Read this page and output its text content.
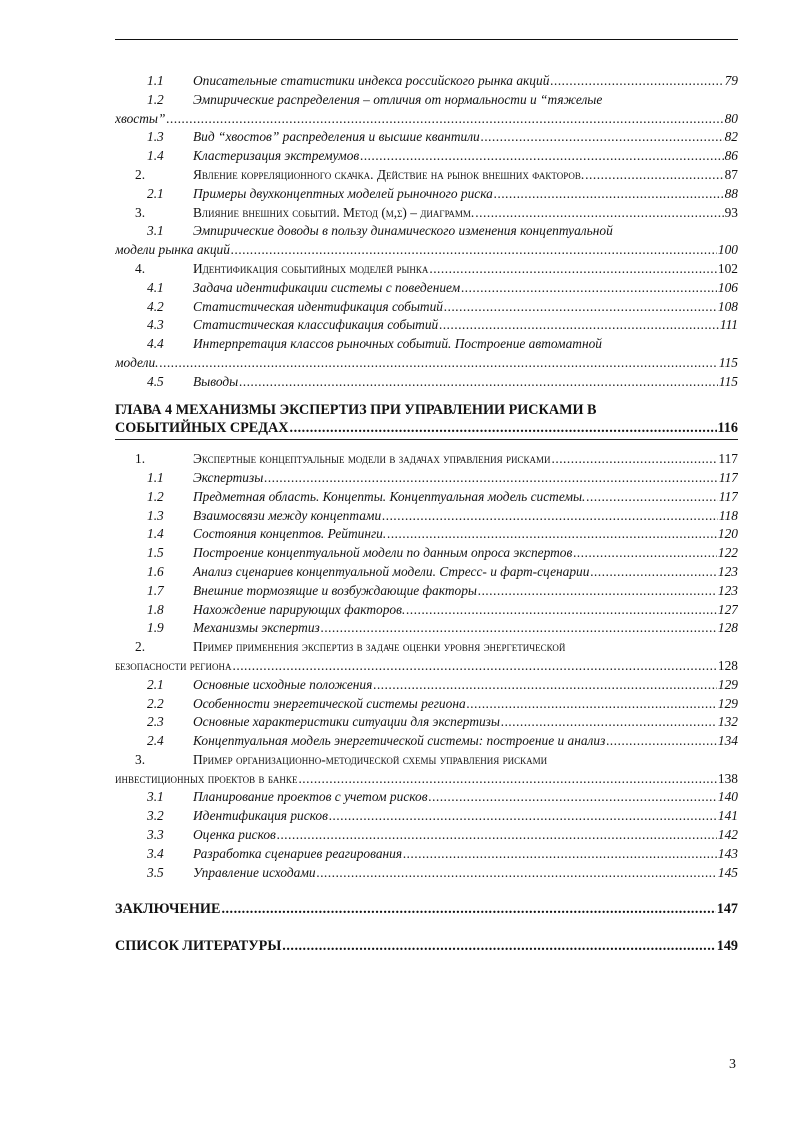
1.1	Описательные статистики индекса российского рынка акций .....	79
1.2	Эмпирические распределения – отличия от нормальности и “тяжелые
хвосты” .....	80
1.3	Вид “хвостов” распределения и высшие квантили .....	82
1.4	Кластеризация экстремумов .....	86
2.	Явление корреляционного скачка. Действие на рынок внешних факторов. .....	87
2.1	Примеры двухконцептных моделей рыночного риска .....	88
3.	Влияние внешних событий. Метод (м,σ) – диаграмм. .....	93
3.1	Эмпирические доводы в пользу динамического изменения концептуальной
модели рынка акций .....	100
4.	Идентификация событийных моделей рынка .....	102
4.1	Задача идентификации системы с поведением .....	106
4.2	Статистическая идентификация событий .....	108
4.3	Статистическая классификация событий .....	111
4.4	Интерпретация классов рыночных событий. Построение автоматной
модели. .....	115
4.5	Выводы .....	115
ГЛАВА 4 МЕХАНИЗМЫ ЭКСПЕРТИЗ ПРИ УПРАВЛЕНИИ РИСКАМИ В
СОБЫТИЙНЫХ СРЕДАХ .....	116
1.	Экспертные концептуальные модели в задачах управления рисками .....	117
1.1	Экспертизы .....	117
1.2	Предметная область. Концепты. Концептуальная модель системы. .....	117
1.3	Взаимосвязи между концептами .....	118
1.4	Состояния концептов. Рейтинги. .....	120
1.5	Построение концептуальной модели по данным опроса экспертов .....	122
1.6	Анализ сценариев концептуальной модели. Стресс- и фарт-сценарии .....	123
1.7	Внешние тормозящие и возбуждающие факторы .....	123
1.8	Нахождение парирующих факторов. .....	127
1.9	Механизмы экспертиз .....	128
2.	Пример применения экспертиз в задаче оценки уровня энергетической
безопасности региона .....	128
2.1	Основные исходные положения .....	129
2.2	Особенности энергетической системы региона .....	129
2.3	Основные характеристики ситуации для экспертизы .....	132
2.4	Концептуальная модель энергетической системы: построение и анализ .....	134
3.	Пример организационно-методической схемы управления рисками
инвестиционных проектов в банке .....	138
3.1	Планирование проектов с учетом рисков .....	140
3.2	Идентификация рисков .....	141
3.3	Оценка рисков .....	142
3.4	Разработка сценариев реагирования .....	143
3.5	Управление исходами .....	145
ЗАКЛЮЧЕНИЕ .....	147
СПИСОК ЛИТЕРАТУРЫ .....	149
3
